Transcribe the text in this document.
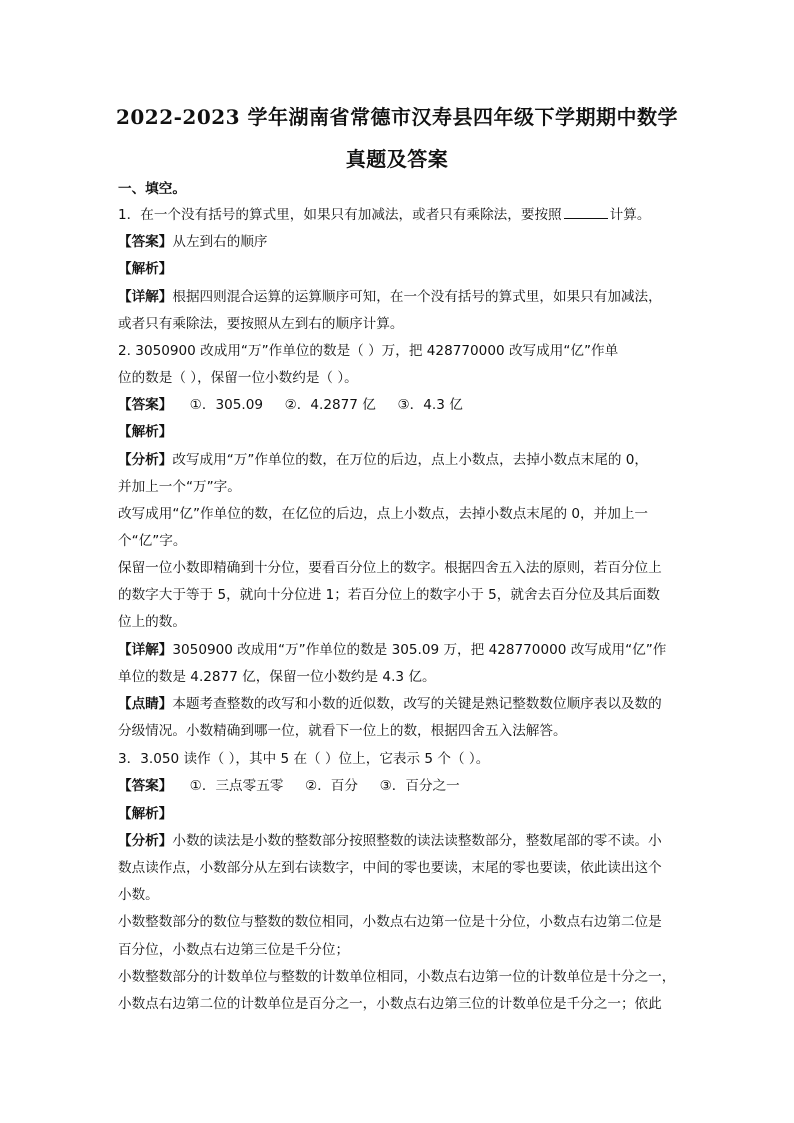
2022-2023 学年湖南省常德市汉寿县四年级下学期期中数学
真题及答案
一、填空。
1．在一个没有括号的算式里，如果只有加减法，或者只有乘除法，要按照	计算。
【答案】从左到右的顺序
【解析】
【详解】根据四则混合运算的运算顺序可知，在一个没有括号的算式里，如果只有加减法，
或者只有乘除法，要按照从左到右的顺序计算。
2. 3050900 改成用“万”作单位的数是（ ）万，把 428770000 改写成用“亿”作单
位的数是（ ），保留一位小数约是（ ）。
【答案】    ①．305.09     ②．4.2877 亿     ③．4.3 亿
【解析】
【分析】改写成用“万”作单位的数，在万位的后边，点上小数点，去掉小数点末尾的 0，
并加上一个“万”字。
改写成用“亿”作单位的数，在亿位的后边，点上小数点，去掉小数点末尾的 0，并加上一
个“亿”字。
保留一位小数即精确到十分位，要看百分位上的数字。根据四舍五入法的原则，若百分位上
的数字大于等于 5，就向十分位进 1；若百分位上的数字小于 5，就舍去百分位及其后面数
位上的数。
【详解】3050900 改成用“万”作单位的数是 305.09 万，把 428770000 改写成用“亿”作
单位的数是 4.2877 亿，保留一位小数约是 4.3 亿。
【点睛】本题考查整数的改写和小数的近似数，改写的关键是熟记整数数位顺序表以及数的
分级情况。小数精确到哪一位，就看下一位上的数，根据四舍五入法解答。
3．3.050 读作（ ），其中 5 在（ ）位上，它表示 5 个（ ）。
【答案】    ①．三点零五零     ②．百分     ③．百分之一
【解析】
【分析】小数的读法是小数的整数部分按照整数的读法读整数部分，整数尾部的零不读。小
数点读作点，小数部分从左到右读数字，中间的零也要读，末尾的零也要读，依此读出这个
小数。
小数整数部分的数位与整数的数位相同，小数点右边第一位是十分位，小数点右边第二位是
百分位，小数点右边第三位是千分位；
小数整数部分的计数单位与整数的计数单位相同，小数点右边第一位的计数单位是十分之一，
小数点右边第二位的计数单位是百分之一，小数点右边第三位的计数单位是千分之一；依此
